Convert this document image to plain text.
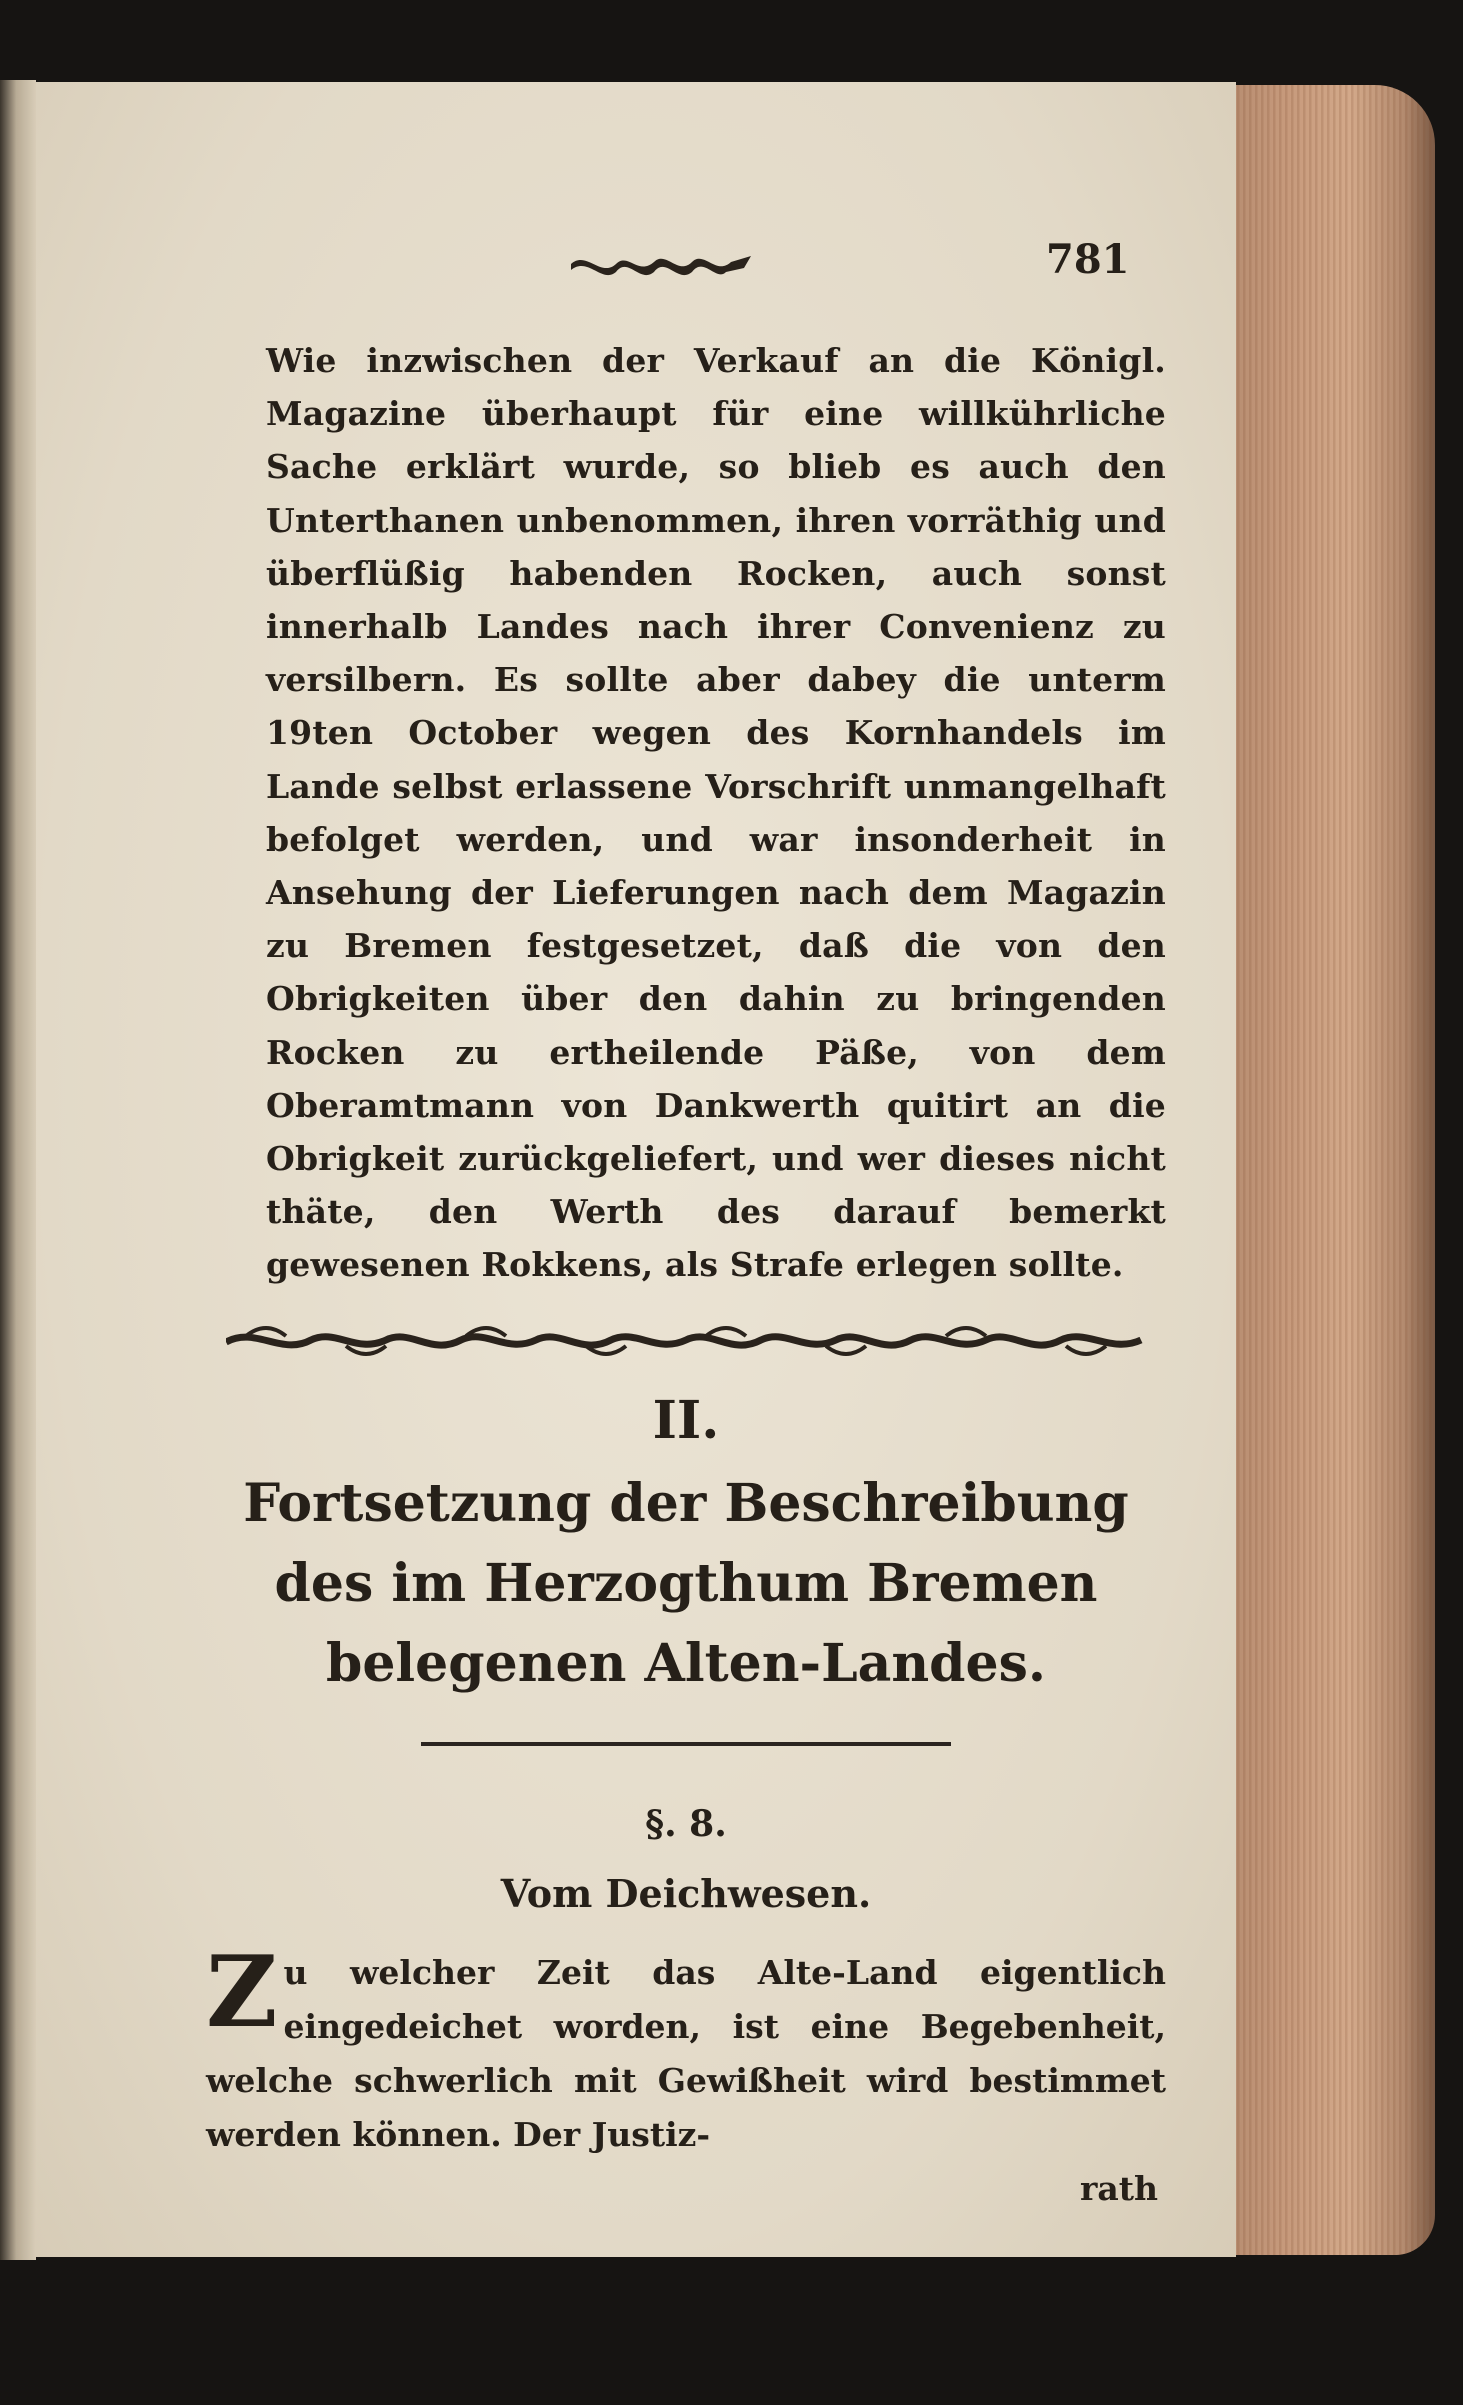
781
Wie inzwischen der Verkauf an die Königl. Magazine überhaupt für eine willkührliche Sache erklärt wurde, so blieb es auch den Unterthanen unbenommen, ihren vorräthig und überflüßig habenden Rocken, auch sonst innerhalb Landes nach ihrer Convenienz zu versilbern. Es sollte aber dabey die unterm 19ten October wegen des Kornhandels im Lande selbst erlassene Vorschrift unmangelhaft befolget werden, und war insonderheit in Ansehung der Lieferungen nach dem Magazin zu Bremen festgesetzet, daß die von den Obrigkeiten über den dahin zu bringenden Rocken zu ertheilende Päße, von dem Oberamtmann von Dankwerth quitirt an die Obrigkeit zurückgeliefert, und wer dieses nicht thäte, den Werth des darauf bemerkt gewesenen Rokkens, als Strafe erlegen sollte.
II.
Fortsetzung der Beschreibung des im Herzogthum Bremen belegenen Alten-Landes.
§. 8.
Vom Deichwesen.
Z u welcher Zeit das Alte-Land eigentlich eingedeichet worden, ist eine Begebenheit, welche schwerlich mit Gewißheit wird bestimmet werden können. Der Justiz-
rath
